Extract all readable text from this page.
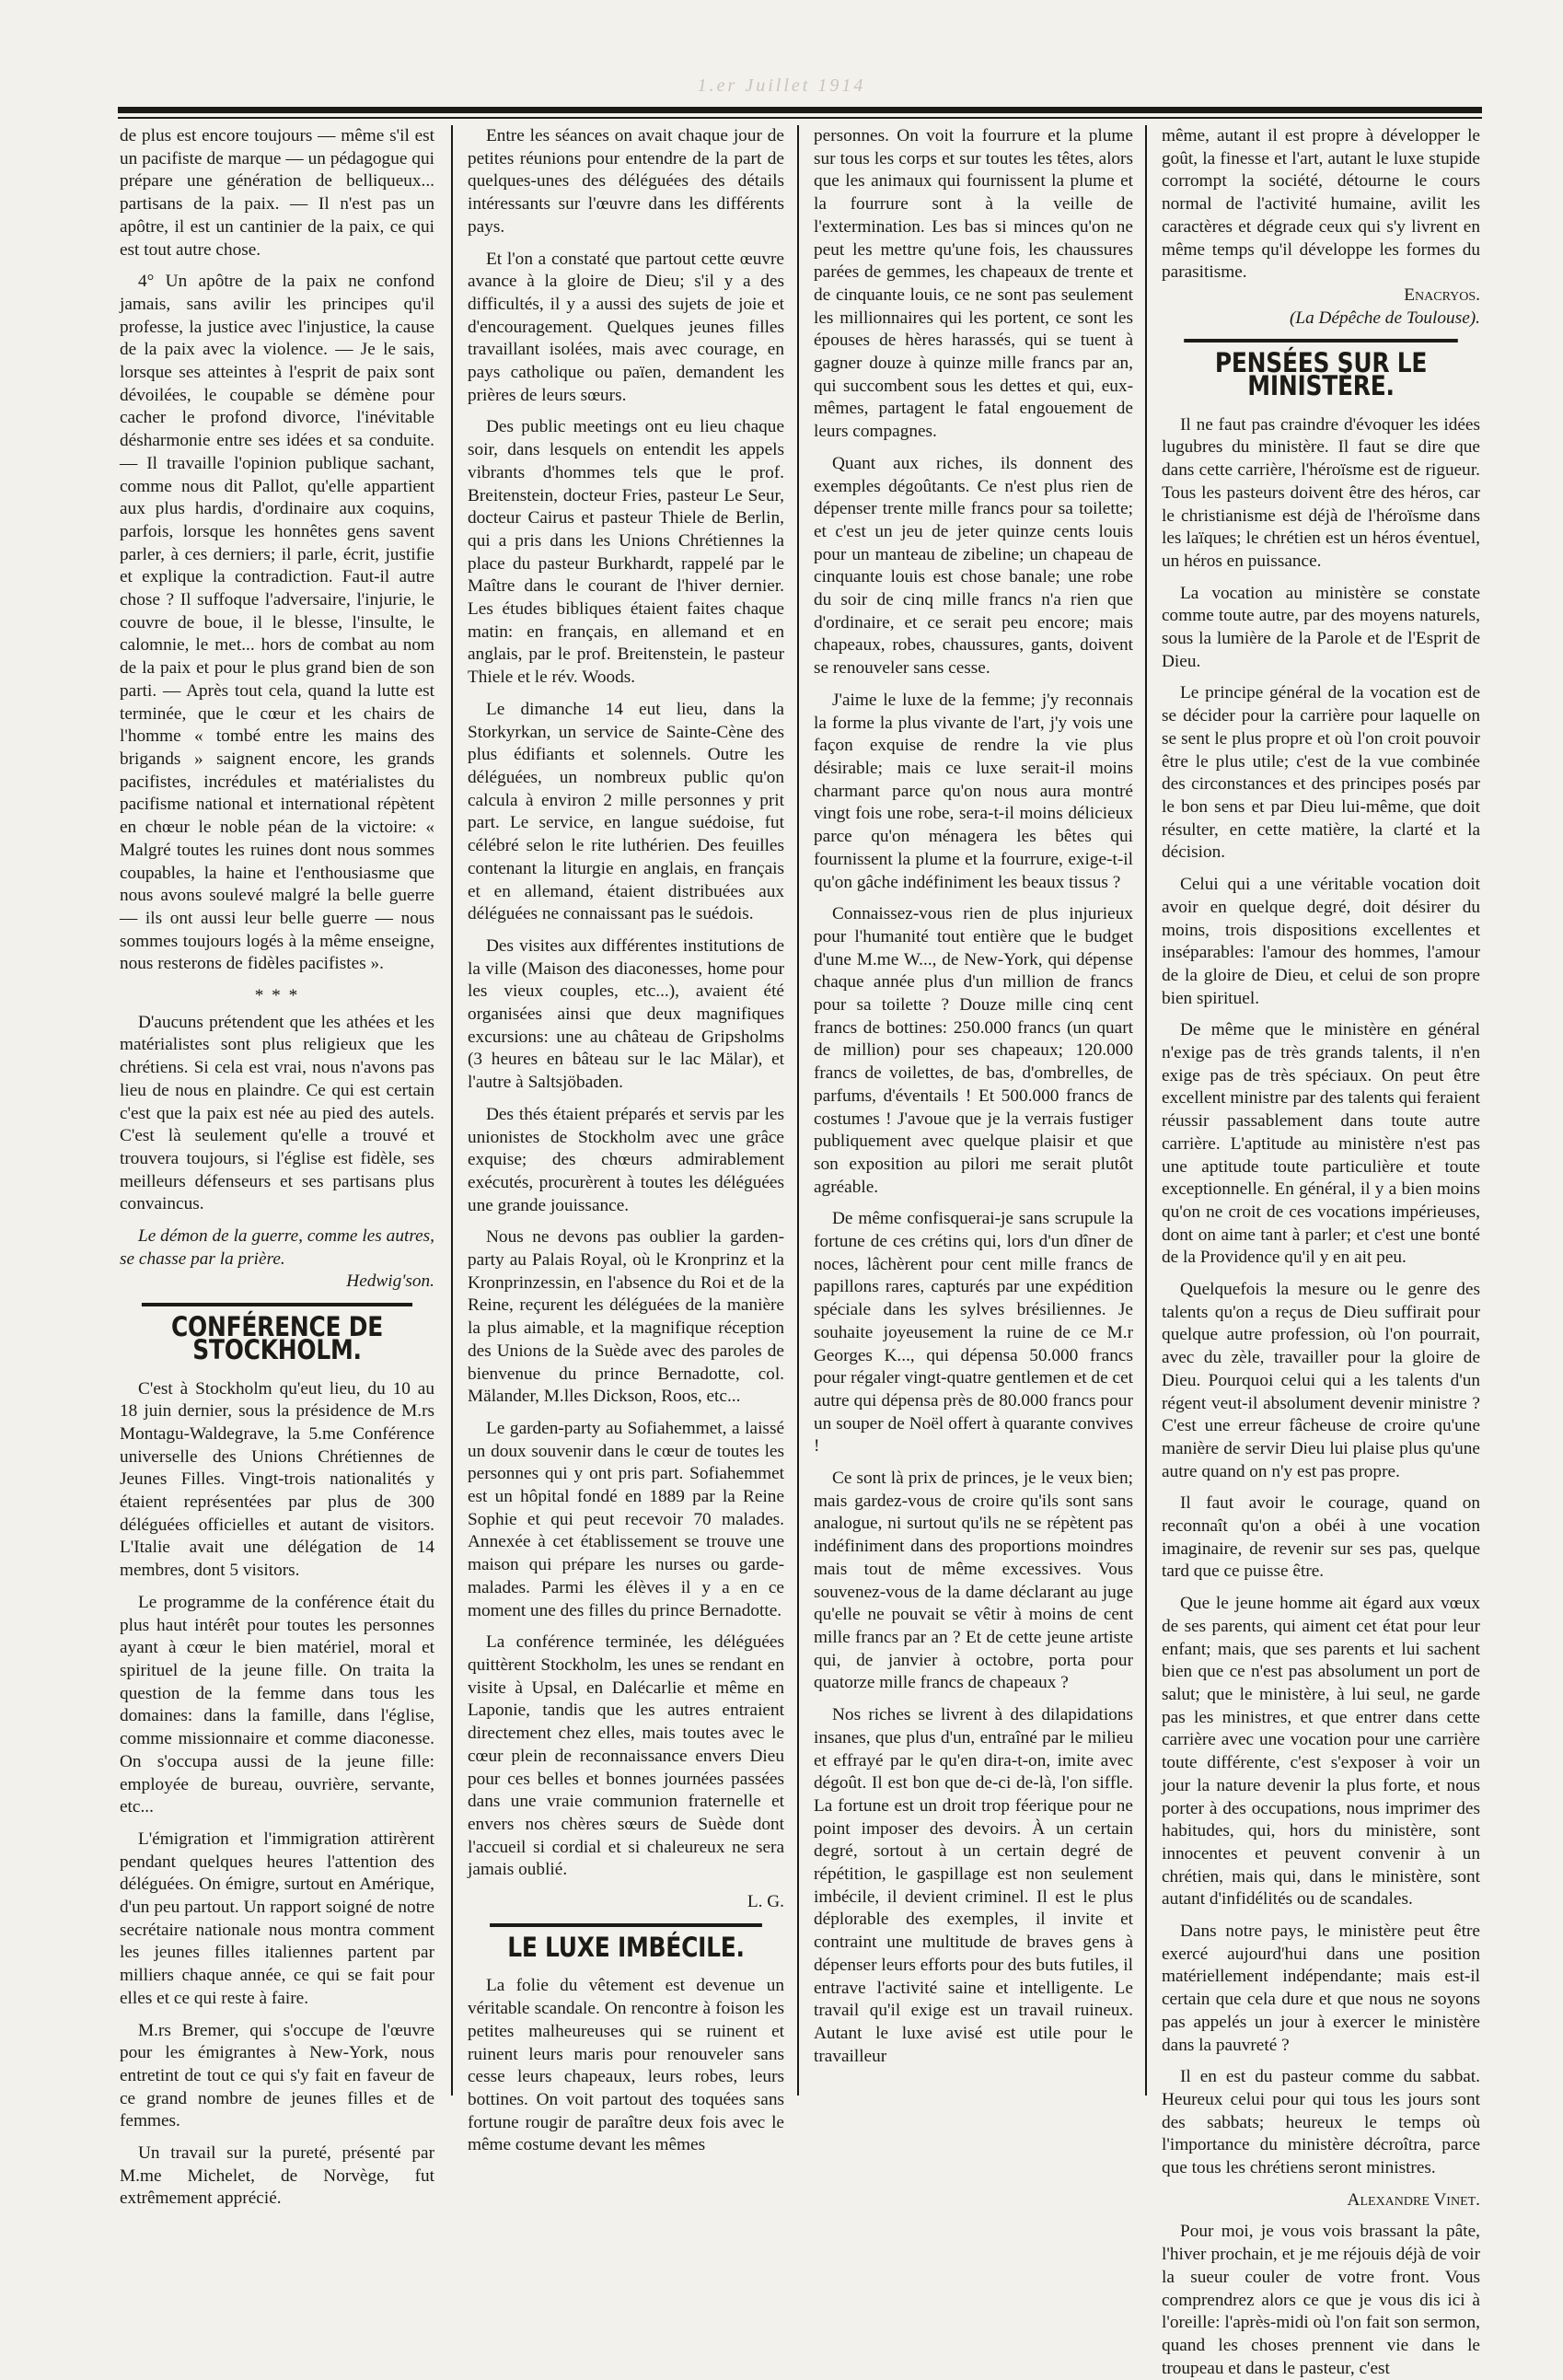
1.er Juillet 1914

de plus est encore toujours — même s'il est un pacifiste de marque — un pédagogue qui prépare une génération de belliqueux... partisans de la paix. — Il n'est pas un apôtre, il est un cantinier de la paix, ce qui est tout autre chose.

4° Un apôtre de la paix ne confond jamais, sans avilir les principes qu'il professe, la justice avec l'injustice, la cause de la paix avec la violence. — Je le sais, lorsque ses atteintes à l'esprit de paix sont dévoilées, le coupable se démène pour cacher le profond divorce, l'inévitable désharmonie entre ses idées et sa conduite. — Il travaille l'opinion publique sachant, comme nous dit Pallot, qu'elle appartient aux plus hardis, d'ordinaire aux coquins, parfois, lorsque les honnêtes gens savent parler, à ces derniers; il parle, écrit, justifie et explique la contradiction. Faut-il autre chose ? Il suffoque l'adversaire, l'injurie, le couvre de boue, il le blesse, l'insulte, le calomnie, le met... hors de combat au nom de la paix et pour le plus grand bien de son parti. — Après tout cela, quand la lutte est terminée, que le cœur et les chairs de l'homme « tombé entre les mains des brigands » saignent encore, les grands pacifistes, incrédules et matérialistes du pacifisme national et international répètent en chœur le noble péan de la victoire: « Malgré toutes les ruines dont nous sommes coupables, la haine et l'enthousiasme que nous avons soulevé malgré la belle guerre — ils ont aussi leur belle guerre — nous sommes toujours logés à la même enseigne, nous resterons de fidèles pacifistes ».

* * *

D'aucuns prétendent que les athées et les matérialistes sont plus religieux que les chrétiens. Si cela est vrai, nous n'avons pas lieu de nous en plaindre. Ce qui est certain c'est que la paix est née au pied des autels. C'est là seulement qu'elle a trouvé et trouvera toujours, si l'église est fidèle, ses meilleurs défenseurs et ses partisans plus convaincus.

Le démon de la guerre, comme les autres, se chasse par la prière.

Hedwig'son.

CONFÉRENCE DE STOCKHOLM.

C'est à Stockholm qu'eut lieu, du 10 au 18 juin dernier, sous la présidence de M.rs Montagu-Waldegrave, la 5.me Conférence universelle des Unions Chrétiennes de Jeunes Filles. Vingt-trois nationalités y étaient représentées par plus de 300 déléguées officielles et autant de visitors. L'Italie avait une délégation de 14 membres, dont 5 visitors.

Le programme de la conférence était du plus haut intérêt pour toutes les personnes ayant à cœur le bien matériel, moral et spirituel de la jeune fille. On traita la question de la femme dans tous les domaines: dans la famille, dans l'église, comme missionnaire et comme diaconesse. On s'occupa aussi de la jeune fille: employée de bureau, ouvrière, servante, etc...

L'émigration et l'immigration attirèrent pendant quelques heures l'attention des déléguées. On émigre, surtout en Amérique, d'un peu partout. Un rapport soigné de notre secrétaire nationale nous montra comment les jeunes filles italiennes partent par milliers chaque année, ce qui se fait pour elles et ce qui reste à faire.

M.rs Bremer, qui s'occupe de l'œuvre pour les émigrantes à New-York, nous entretint de tout ce qui s'y fait en faveur de ce grand nombre de jeunes filles et de femmes.

Un travail sur la pureté, présenté par M.me Michelet, de Norvège, fut extrêmement apprécié.

Entre les séances on avait chaque jour de petites réunions pour entendre de la part de quelques-unes des déléguées des détails intéressants sur l'œuvre dans les différents pays.

Et l'on a constaté que partout cette œuvre avance à la gloire de Dieu; s'il y a des difficultés, il y a aussi des sujets de joie et d'encouragement. Quelques jeunes filles travaillant isolées, mais avec courage, en pays catholique ou païen, demandent les prières de leurs sœurs.

Des public meetings ont eu lieu chaque soir, dans lesquels on entendit les appels vibrants d'hommes tels que le prof. Breitenstein, docteur Fries, pasteur Le Seur, docteur Cairus et pasteur Thiele de Berlin, qui a pris dans les Unions Chrétiennes la place du pasteur Burkhardt, rappelé par le Maître dans le courant de l'hiver dernier. Les études bibliques étaient faites chaque matin: en français, en allemand et en anglais, par le prof. Breitenstein, le pasteur Thiele et le rév. Woods.

Le dimanche 14 eut lieu, dans la Storkyrkan, un service de Sainte-Cène des plus édifiants et solennels. Outre les déléguées, un nombreux public qu'on calcula à environ 2 mille personnes y prit part. Le service, en langue suédoise, fut célébré selon le rite luthérien. Des feuilles contenant la liturgie en anglais, en français et en allemand, étaient distribuées aux déléguées ne connaissant pas le suédois.

Des visites aux différentes institutions de la ville (Maison des diaconesses, home pour les vieux couples, etc...), avaient été organisées ainsi que deux magnifiques excursions: une au château de Gripsholms (3 heures en bâteau sur le lac Mälar), et l'autre à Saltsjöbaden.

Des thés étaient préparés et servis par les unionistes de Stockholm avec une grâce exquise; des chœurs admirablement exécutés, procurèrent à toutes les déléguées une grande jouissance.

Nous ne devons pas oublier la garden-party au Palais Royal, où le Kronprinz et la Kronprinzessin, en l'absence du Roi et de la Reine, reçurent les déléguées de la manière la plus aimable, et la magnifique réception des Unions de la Suède avec des paroles de bienvenue du prince Bernadotte, col. Mälander, M.lles Dickson, Roos, etc...

Le garden-party au Sofiahemmet, a laissé un doux souvenir dans le cœur de toutes les personnes qui y ont pris part. Sofiahemmet est un hôpital fondé en 1889 par la Reine Sophie et qui peut recevoir 70 malades. Annexée à cet établissement se trouve une maison qui prépare les nurses ou garde-malades. Parmi les élèves il y a en ce moment une des filles du prince Bernadotte.

La conférence terminée, les déléguées quittèrent Stockholm, les unes se rendant en visite à Upsal, en Dalécarlie et même en Laponie, tandis que les autres entraient directement chez elles, mais toutes avec le cœur plein de reconnaissance envers Dieu pour ces belles et bonnes journées passées dans une vraie communion fraternelle et envers nos chères sœurs de Suède dont l'accueil si cordial et si chaleureux ne sera jamais oublié.

L. G.

LE LUXE IMBÉCILE.

La folie du vêtement est devenue un véritable scandale. On rencontre à foison les petites malheureuses qui se ruinent et ruinent leurs maris pour renouveler sans cesse leurs chapeaux, leurs robes, leurs bottines. On voit partout des toquées sans fortune rougir de paraître deux fois avec le même costume devant les mêmes

personnes. On voit la fourrure et la plume sur tous les corps et sur toutes les têtes, alors que les animaux qui fournissent la plume et la fourrure sont à la veille de l'extermination. Les bas si minces qu'on ne peut les mettre qu'une fois, les chaussures parées de gemmes, les chapeaux de trente et de cinquante louis, ce ne sont pas seulement les millionnaires qui les portent, ce sont les épouses de hères harassés, qui se tuent à gagner douze à quinze mille francs par an, qui succombent sous les dettes et qui, eux-mêmes, partagent le fatal engouement de leurs compagnes.

Quant aux riches, ils donnent des exemples dégoûtants. Ce n'est plus rien de dépenser trente mille francs pour sa toilette; et c'est un jeu de jeter quinze cents louis pour un manteau de zibeline; un chapeau de cinquante louis est chose banale; une robe du soir de cinq mille francs n'a rien que d'ordinaire, et ce serait peu encore; mais chapeaux, robes, chaussures, gants, doivent se renouveler sans cesse.

J'aime le luxe de la femme; j'y reconnais la forme la plus vivante de l'art, j'y vois une façon exquise de rendre la vie plus désirable; mais ce luxe serait-il moins charmant parce qu'on nous aura montré vingt fois une robe, sera-t-il moins délicieux parce qu'on ménagera les bêtes qui fournissent la plume et la fourrure, exige-t-il qu'on gâche indéfiniment les beaux tissus ?

Connaissez-vous rien de plus injurieux pour l'humanité tout entière que le budget d'une M.me W..., de New-York, qui dépense chaque année plus d'un million de francs pour sa toilette ? Douze mille cinq cent francs de bottines: 250.000 francs (un quart de million) pour ses chapeaux; 120.000 francs de voilettes, de bas, d'ombrelles, de parfums, d'éventails ! Et 500.000 francs de costumes ! J'avoue que je la verrais fustiger publiquement avec quelque plaisir et que son exposition au pilori me serait plutôt agréable.

De même confisquerai-je sans scrupule la fortune de ces crétins qui, lors d'un dîner de noces, lâchèrent pour cent mille francs de papillons rares, capturés par une expédition spéciale dans les sylves brésiliennes. Je souhaite joyeusement la ruine de ce M.r Georges K..., qui dépensa 50.000 francs pour régaler vingt-quatre gentlemen et de cet autre qui dépensa près de 80.000 francs pour un souper de Noël offert à quarante convives !

Ce sont là prix de princes, je le veux bien; mais gardez-vous de croire qu'ils sont sans analogue, ni surtout qu'ils ne se répètent pas indéfiniment dans des proportions moindres mais tout de même excessives. Vous souvenez-vous de la dame déclarant au juge qu'elle ne pouvait se vêtir à moins de cent mille francs par an ? Et de cette jeune artiste qui, de janvier à octobre, porta pour quatorze mille francs de chapeaux ?

Nos riches se livrent à des dilapidations insanes, que plus d'un, entraîné par le milieu et effrayé par le qu'en dira-t-on, imite avec dégoût. Il est bon que de-ci de-là, l'on siffle. La fortune est un droit trop féerique pour ne point imposer des devoirs. À un certain degré, sortout à un certain degré de répétition, le gaspillage est non seulement imbécile, il devient criminel. Il est le plus déplorable des exemples, il invite et contraint une multitude de braves gens à dépenser leurs efforts pour des buts futiles, il entrave l'activité saine et intelligente. Le travail qu'il exige est un travail ruineux. Autant le luxe avisé est utile pour le travailleur

même, autant il est propre à développer le goût, la finesse et l'art, autant le luxe stupide corrompt la société, détourne le cours normal de l'activité humaine, avilit les caractères et dégrade ceux qui s'y livrent en même temps qu'il développe les formes du parasitisme.

Enacryos.

(La Dépêche de Toulouse).

PENSÉES SUR LE MINISTÈRE.

Il ne faut pas craindre d'évoquer les idées lugubres du ministère. Il faut se dire que dans cette carrière, l'héroïsme est de rigueur. Tous les pasteurs doivent être des héros, car le christianisme est déjà de l'héroïsme dans les laïques; le chrétien est un héros éventuel, un héros en puissance.

La vocation au ministère se constate comme toute autre, par des moyens naturels, sous la lumière de la Parole et de l'Esprit de Dieu.

Le principe général de la vocation est de se décider pour la carrière pour laquelle on se sent le plus propre et où l'on croit pouvoir être le plus utile; c'est de la vue combinée des circonstances et des principes posés par le bon sens et par Dieu lui-même, que doit résulter, en cette matière, la clarté et la décision.

Celui qui a une véritable vocation doit avoir en quelque degré, doit désirer du moins, trois dispositions excellentes et inséparables: l'amour des hommes, l'amour de la gloire de Dieu, et celui de son propre bien spirituel.

De même que le ministère en général n'exige pas de très grands talents, il n'en exige pas de très spéciaux. On peut être excellent ministre par des talents qui feraient réussir passablement dans toute autre carrière. L'aptitude au ministère n'est pas une aptitude toute particulière et toute exceptionnelle. En général, il y a bien moins qu'on ne croit de ces vocations impérieuses, dont on aime tant à parler; et c'est une bonté de la Providence qu'il y en ait peu.

Quelquefois la mesure ou le genre des talents qu'on a reçus de Dieu suffirait pour quelque autre profession, où l'on pourrait, avec du zèle, travailler pour la gloire de Dieu. Pourquoi celui qui a les talents d'un régent veut-il absolument devenir ministre ? C'est une erreur fâcheuse de croire qu'une manière de servir Dieu lui plaise plus qu'une autre quand on n'y est pas propre.

Il faut avoir le courage, quand on reconnaît qu'on a obéi à une vocation imaginaire, de revenir sur ses pas, quelque tard que ce puisse être.

Que le jeune homme ait égard aux vœux de ses parents, qui aiment cet état pour leur enfant; mais, que ses parents et lui sachent bien que ce n'est pas absolument un port de salut; que le ministère, à lui seul, ne garde pas les ministres, et que entrer dans cette carrière avec une vocation pour une carrière toute différente, c'est s'exposer à voir un jour la nature devenir la plus forte, et nous porter à des occupations, nous imprimer des habitudes, qui, hors du ministère, sont innocentes et peuvent convenir à un chrétien, mais qui, dans le ministère, sont autant d'infidélités ou de scandales.

Dans notre pays, le ministère peut être exercé aujourd'hui dans une position matériellement indépendante; mais est-il certain que cela dure et que nous ne soyons pas appelés un jour à exercer le ministère dans la pauvreté ?

Il en est du pasteur comme du sabbat. Heureux celui pour qui tous les jours sont des sabbats; heureux le temps où l'importance du ministère décroîtra, parce que tous les chrétiens seront ministres.

Alexandre Vinet.

Pour moi, je vous vois brassant la pâte, l'hiver prochain, et je me réjouis déjà de voir la sueur couler de votre front. Vous comprendrez alors ce que je vous dis ici à l'oreille: l'après-midi où l'on fait son sermon, quand les choses prennent vie dans le troupeau et dans le pasteur, c'est
